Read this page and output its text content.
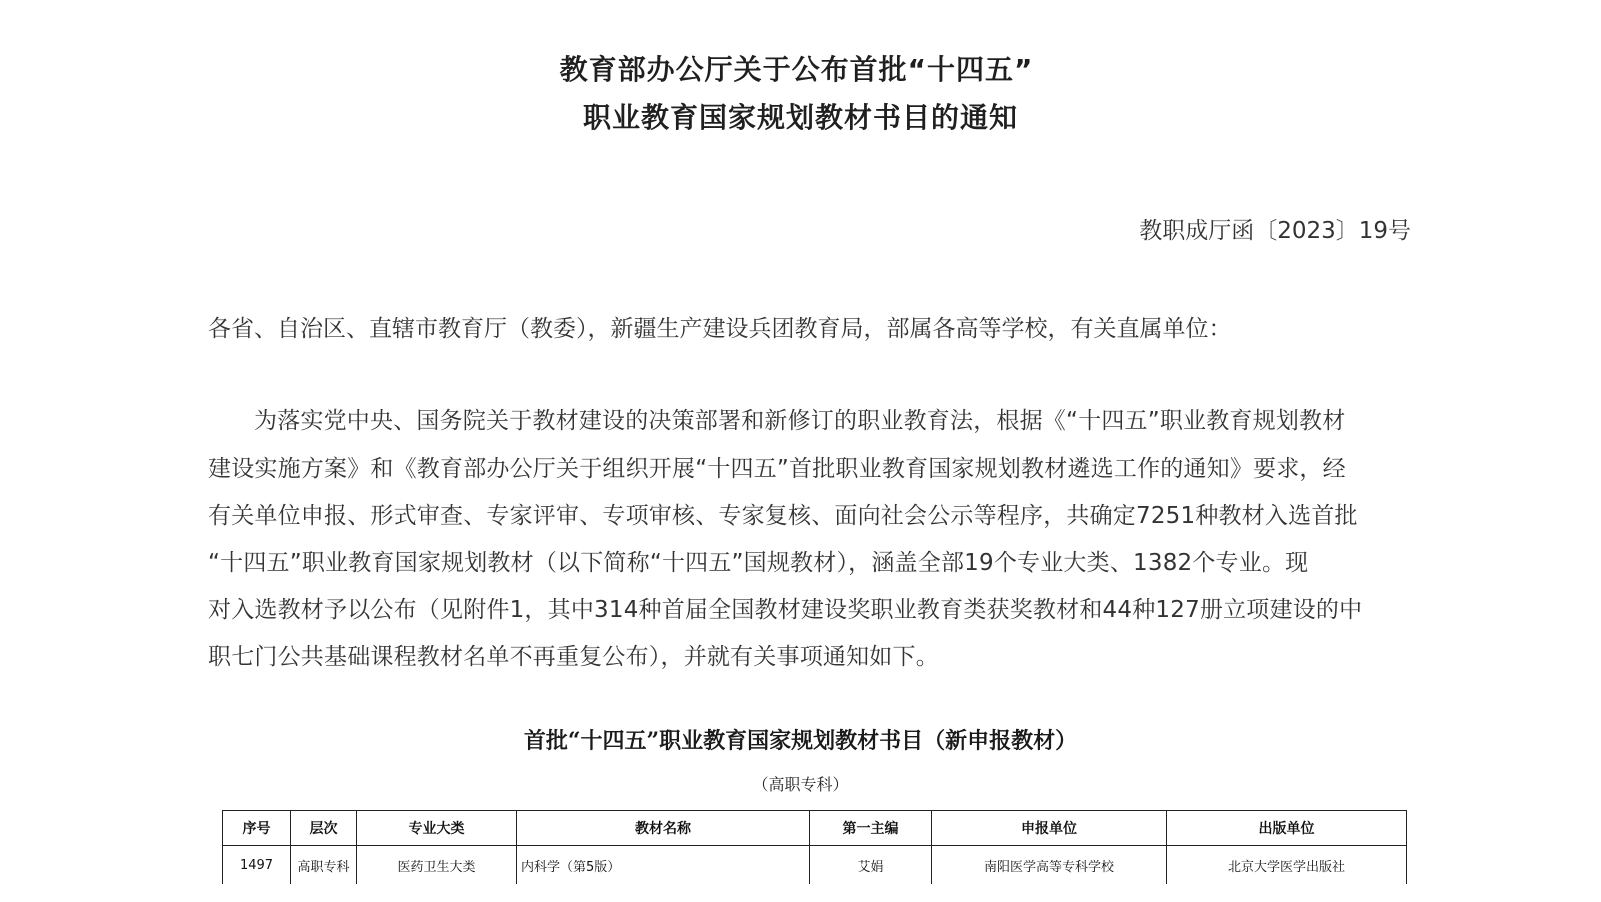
教育部办公厅关于公布首批“十四五”
职业教育国家规划教材书目的通知
教职成厅函〔2023〕19号
各省、自治区、直辖市教育厅（教委），新疆生产建设兵团教育局，部属各高等学校，有关直属单位：
为落实党中央、国务院关于教材建设的决策部署和新修订的职业教育法，根据《“十四五”职业教育规划教材
建设实施方案》和《教育部办公厅关于组织开展“十四五”首批职业教育国家规划教材遴选工作的通知》要求，经
有关单位申报、形式审查、专家评审、专项审核、专家复核、面向社会公示等程序，共确定7251种教材入选首批
“十四五”职业教育国家规划教材（以下简称“十四五”国规教材），涵盖全部19个专业大类、1382个专业。现
对入选教材予以公布（见附件1，其中314种首届全国教材建设奖职业教育类获奖教材和44种127册立项建设的中
职七门公共基础课程教材名单不再重复公布），并就有关事项通知如下。
首批“十四五”职业教育国家规划教材书目（新申报教材）
（高职专科）
序号	层次	专业大类	教材名称	第一主编	申报单位	出版单位
1497	高职专科	医药卫生大类	内科学（第5版）	艾娟	南阳医学高等专科学校	北京大学医学出版社
